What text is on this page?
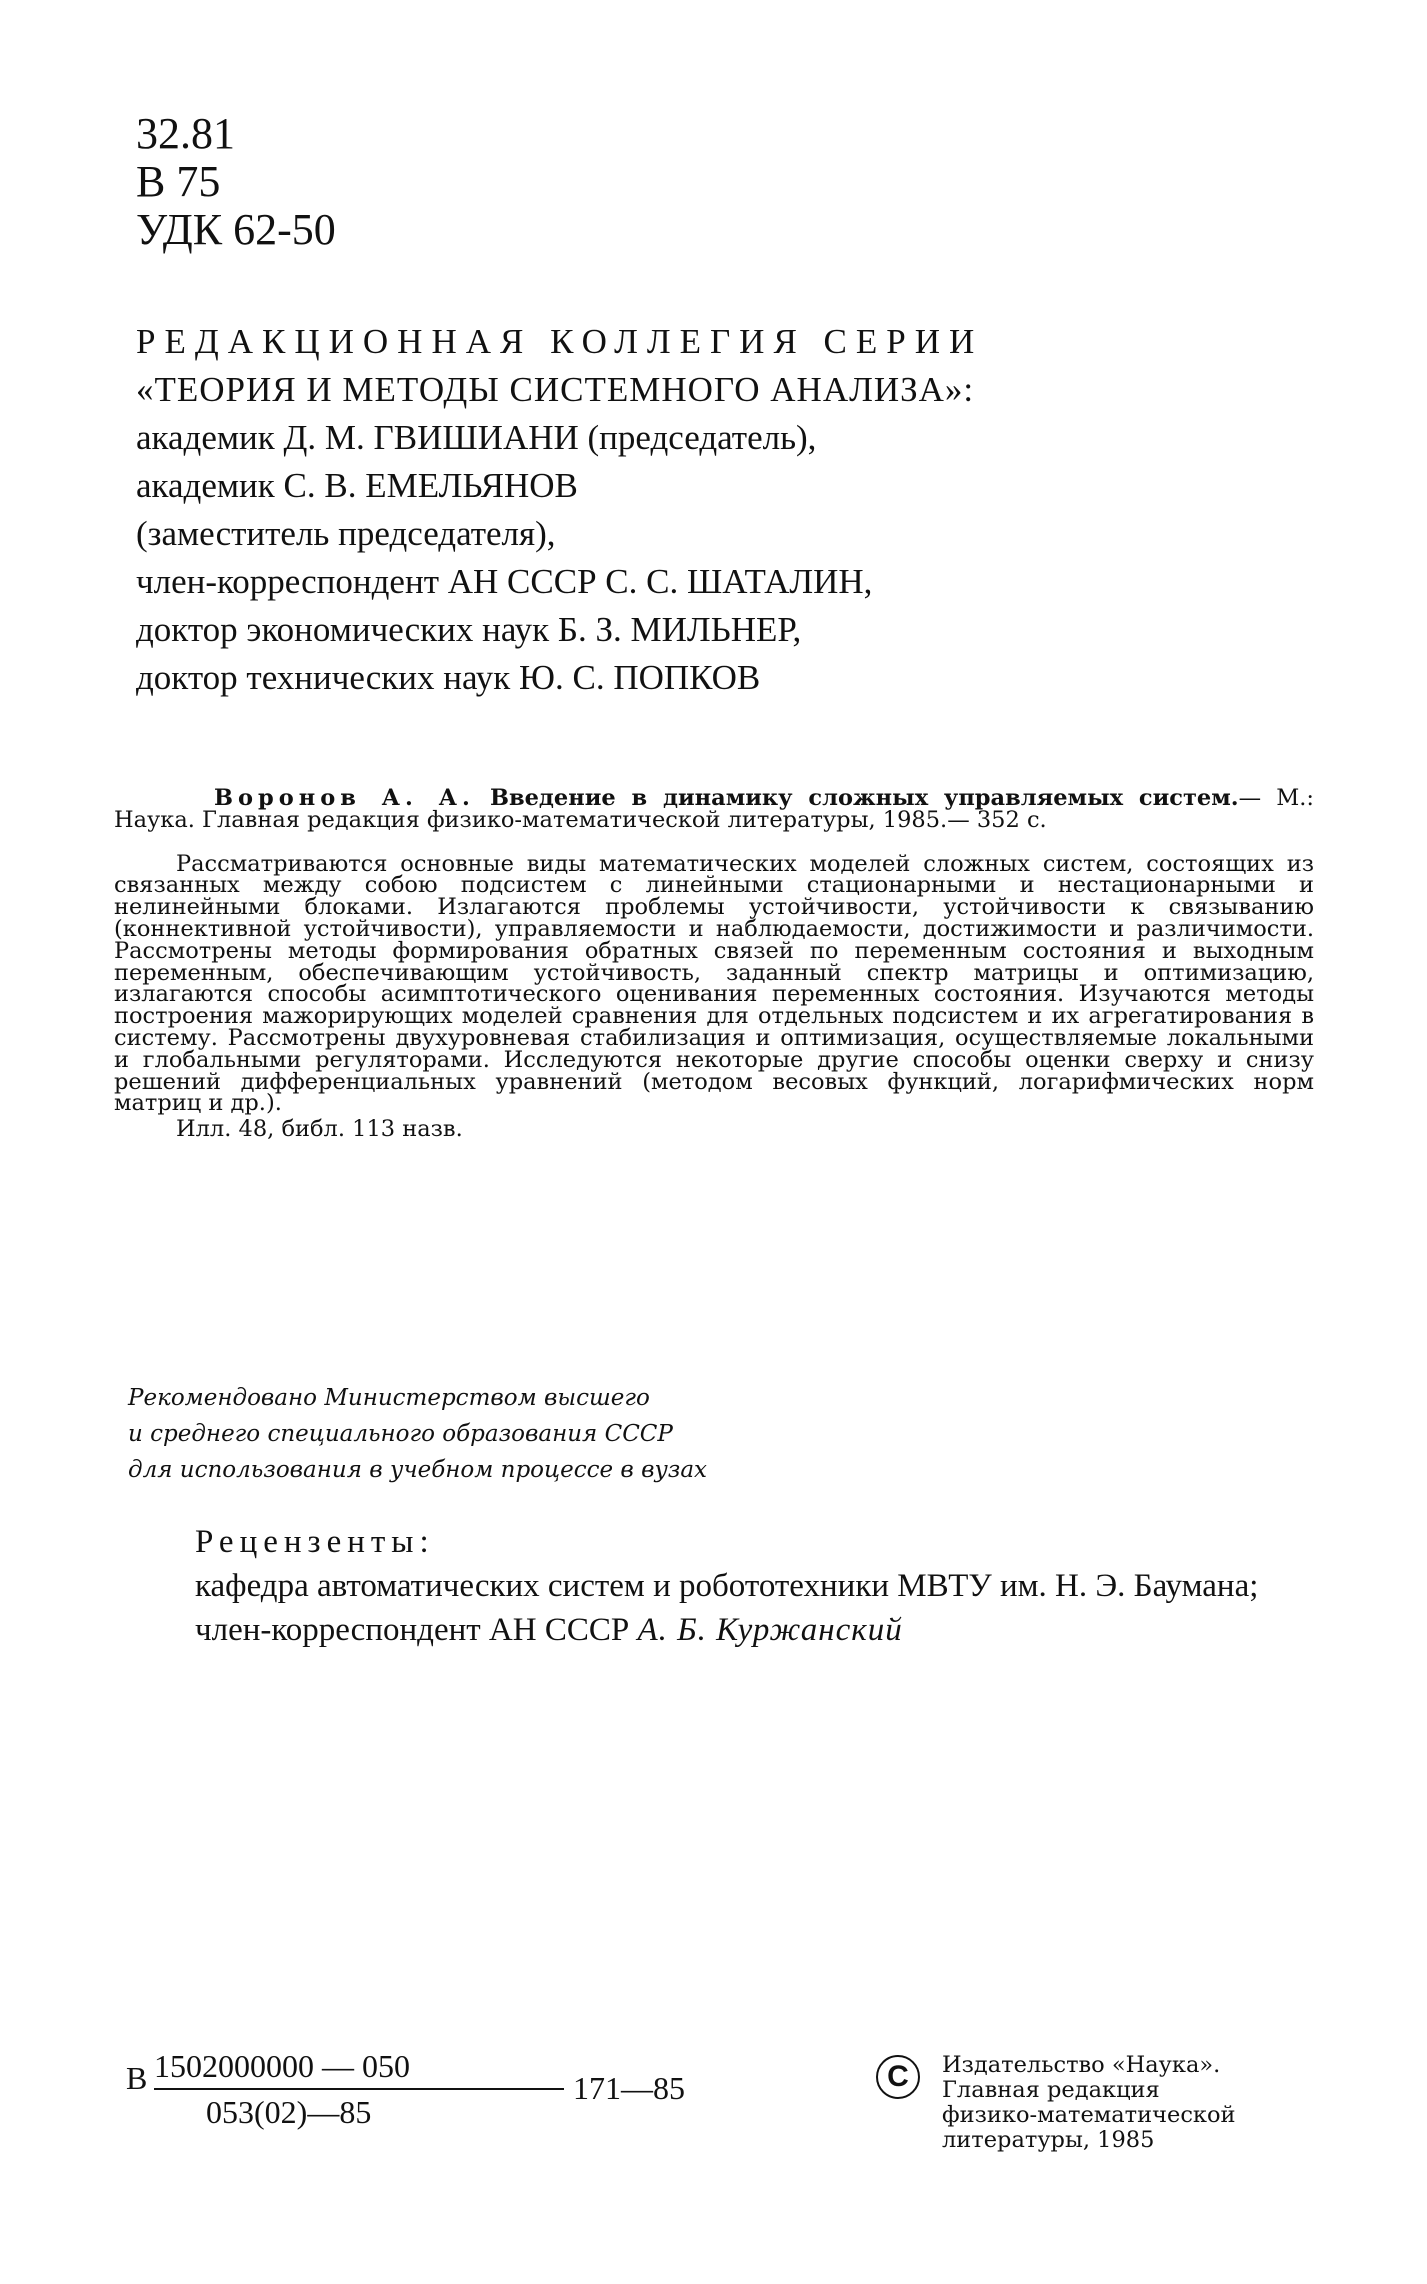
32.81
В 75
УДК 62-50
РЕДАКЦИОННАЯ КОЛЛЕГИЯ СЕРИИ
«ТЕОРИЯ И МЕТОДЫ СИСТЕМНОГО АНАЛИЗА»:
академик Д. М. ГВИШИАНИ (председатель),
академик С. В. ЕМЕЛЬЯНОВ
(заместитель председателя),
член-корреспондент АН СССР С. С. ШАТАЛИН,
доктор экономических наук Б. З. МИЛЬНЕР,
доктор технических наук Ю. С. ПОПКОВ

Воронов А. А. Введение в динамику сложных управляемых систем.— М.: Наука. Главная редакция физико-математической литературы, 1985.— 352 с.

Рассматриваются основные виды математических моделей сложных систем, состоящих из связанных между собою подсистем с линейными стационарными и нестационарными и нелинейными блоками. Излагаются проблемы устойчивости, устойчивости к связыванию (коннективной устойчивости), управляемости и наблюдаемости, достижимости и различимости. Рассмотрены методы формирования обратных связей по переменным состояния и выходным переменным, обеспечивающим устойчивость, заданный спектр матрицы и оптимизацию, излагаются способы асимптотического оценивания переменных состояния. Изучаются методы построения мажорирующих моделей сравнения для отдельных подсистем и их агрегатирования в систему. Рассмотрены двухуровневая стабилизация и оптимизация, осуществляемые локальными и глобальными регуляторами. Исследуются некоторые другие способы оценки сверху и снизу решений дифференциальных уравнений (методом весовых функций, логарифмических норм матриц и др.).

Илл. 48, библ. 113 назв.

Рекомендовано Министерством высшего
и среднего специального образования СССР
для использования в учебном процессе в вузах
Рецензенты:

кафедра автоматических систем и робототехники МВТУ им. Н. Э. Баумана;

член-корреспондент АН СССР А. Б. Куржанский
В 1502000000 — 050
053(02)—85
171—85	С	Издательство «Наука».
Главная редакция
физико-математической
литературы, 1985
